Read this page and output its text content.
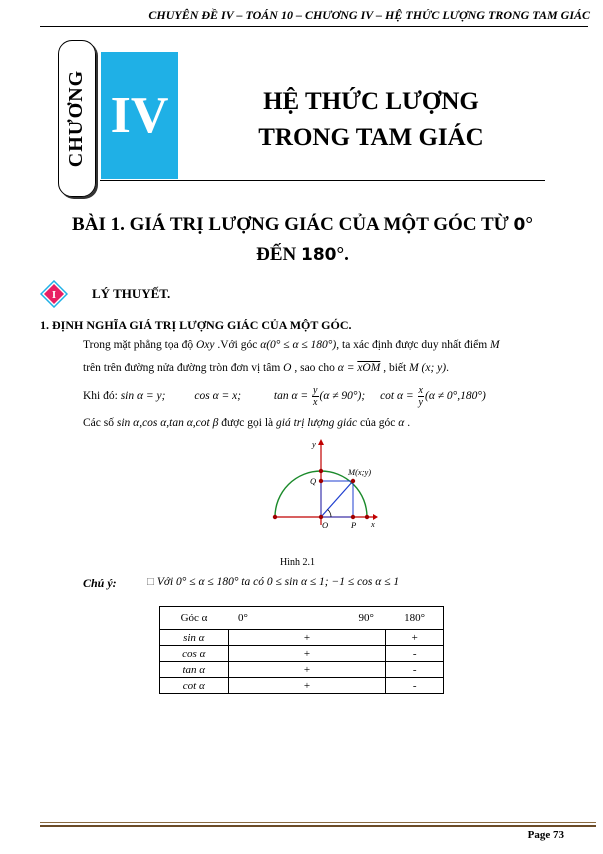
CHUYÊN ĐỀ IV – TOÁN 10 – CHƯƠNG IV – HỆ THỨC LƯỢNG TRONG TAM GIÁC
CHƯƠNG IV	HỆ THỨC LƯỢNG
TRONG TAM GIÁC
BÀI 1. GIÁ TRỊ LƯỢNG GIÁC CỦA MỘT GÓC TỪ 0°
ĐẾN 180°.
I	LÝ THUYẾT.
1. ĐỊNH NGHĨA GIÁ TRỊ LƯỢNG GIÁC CỦA MỘT GÓC.
Trong mặt phẳng tọa độ Oxy .Với góc α(0° ≤ α ≤ 180°), ta xác định được duy nhất điểm M
trên trên đường nửa đường tròn đơn vị tâm O , sao cho $\alpha = \overline{xOM}$ , biết M (x; y).
Khi đó: sin α = y;	cos α = x;	$\tan \alpha = \frac{y}{x} (\alpha \ne 90^\circ)$; $\cot \alpha = \frac{x}{y} (\alpha \ne 0^\circ,180^\circ)$
Các số sin α,cos α,tan α,cot β được gọi là giá trị lượng giác của góc α .
y
x
O	P
Q
M(x;y)
Hình 2.1
Chú ý:	□ Với 0° ≤ α ≤ 180° ta có 0 ≤ sin α ≤ 1; −1 ≤ cos α ≤ 1
Góc α	0°	90°	180°
sin α	+		+
cos α	+		-
tan α	+		-
cot α	+		-
Page 73
